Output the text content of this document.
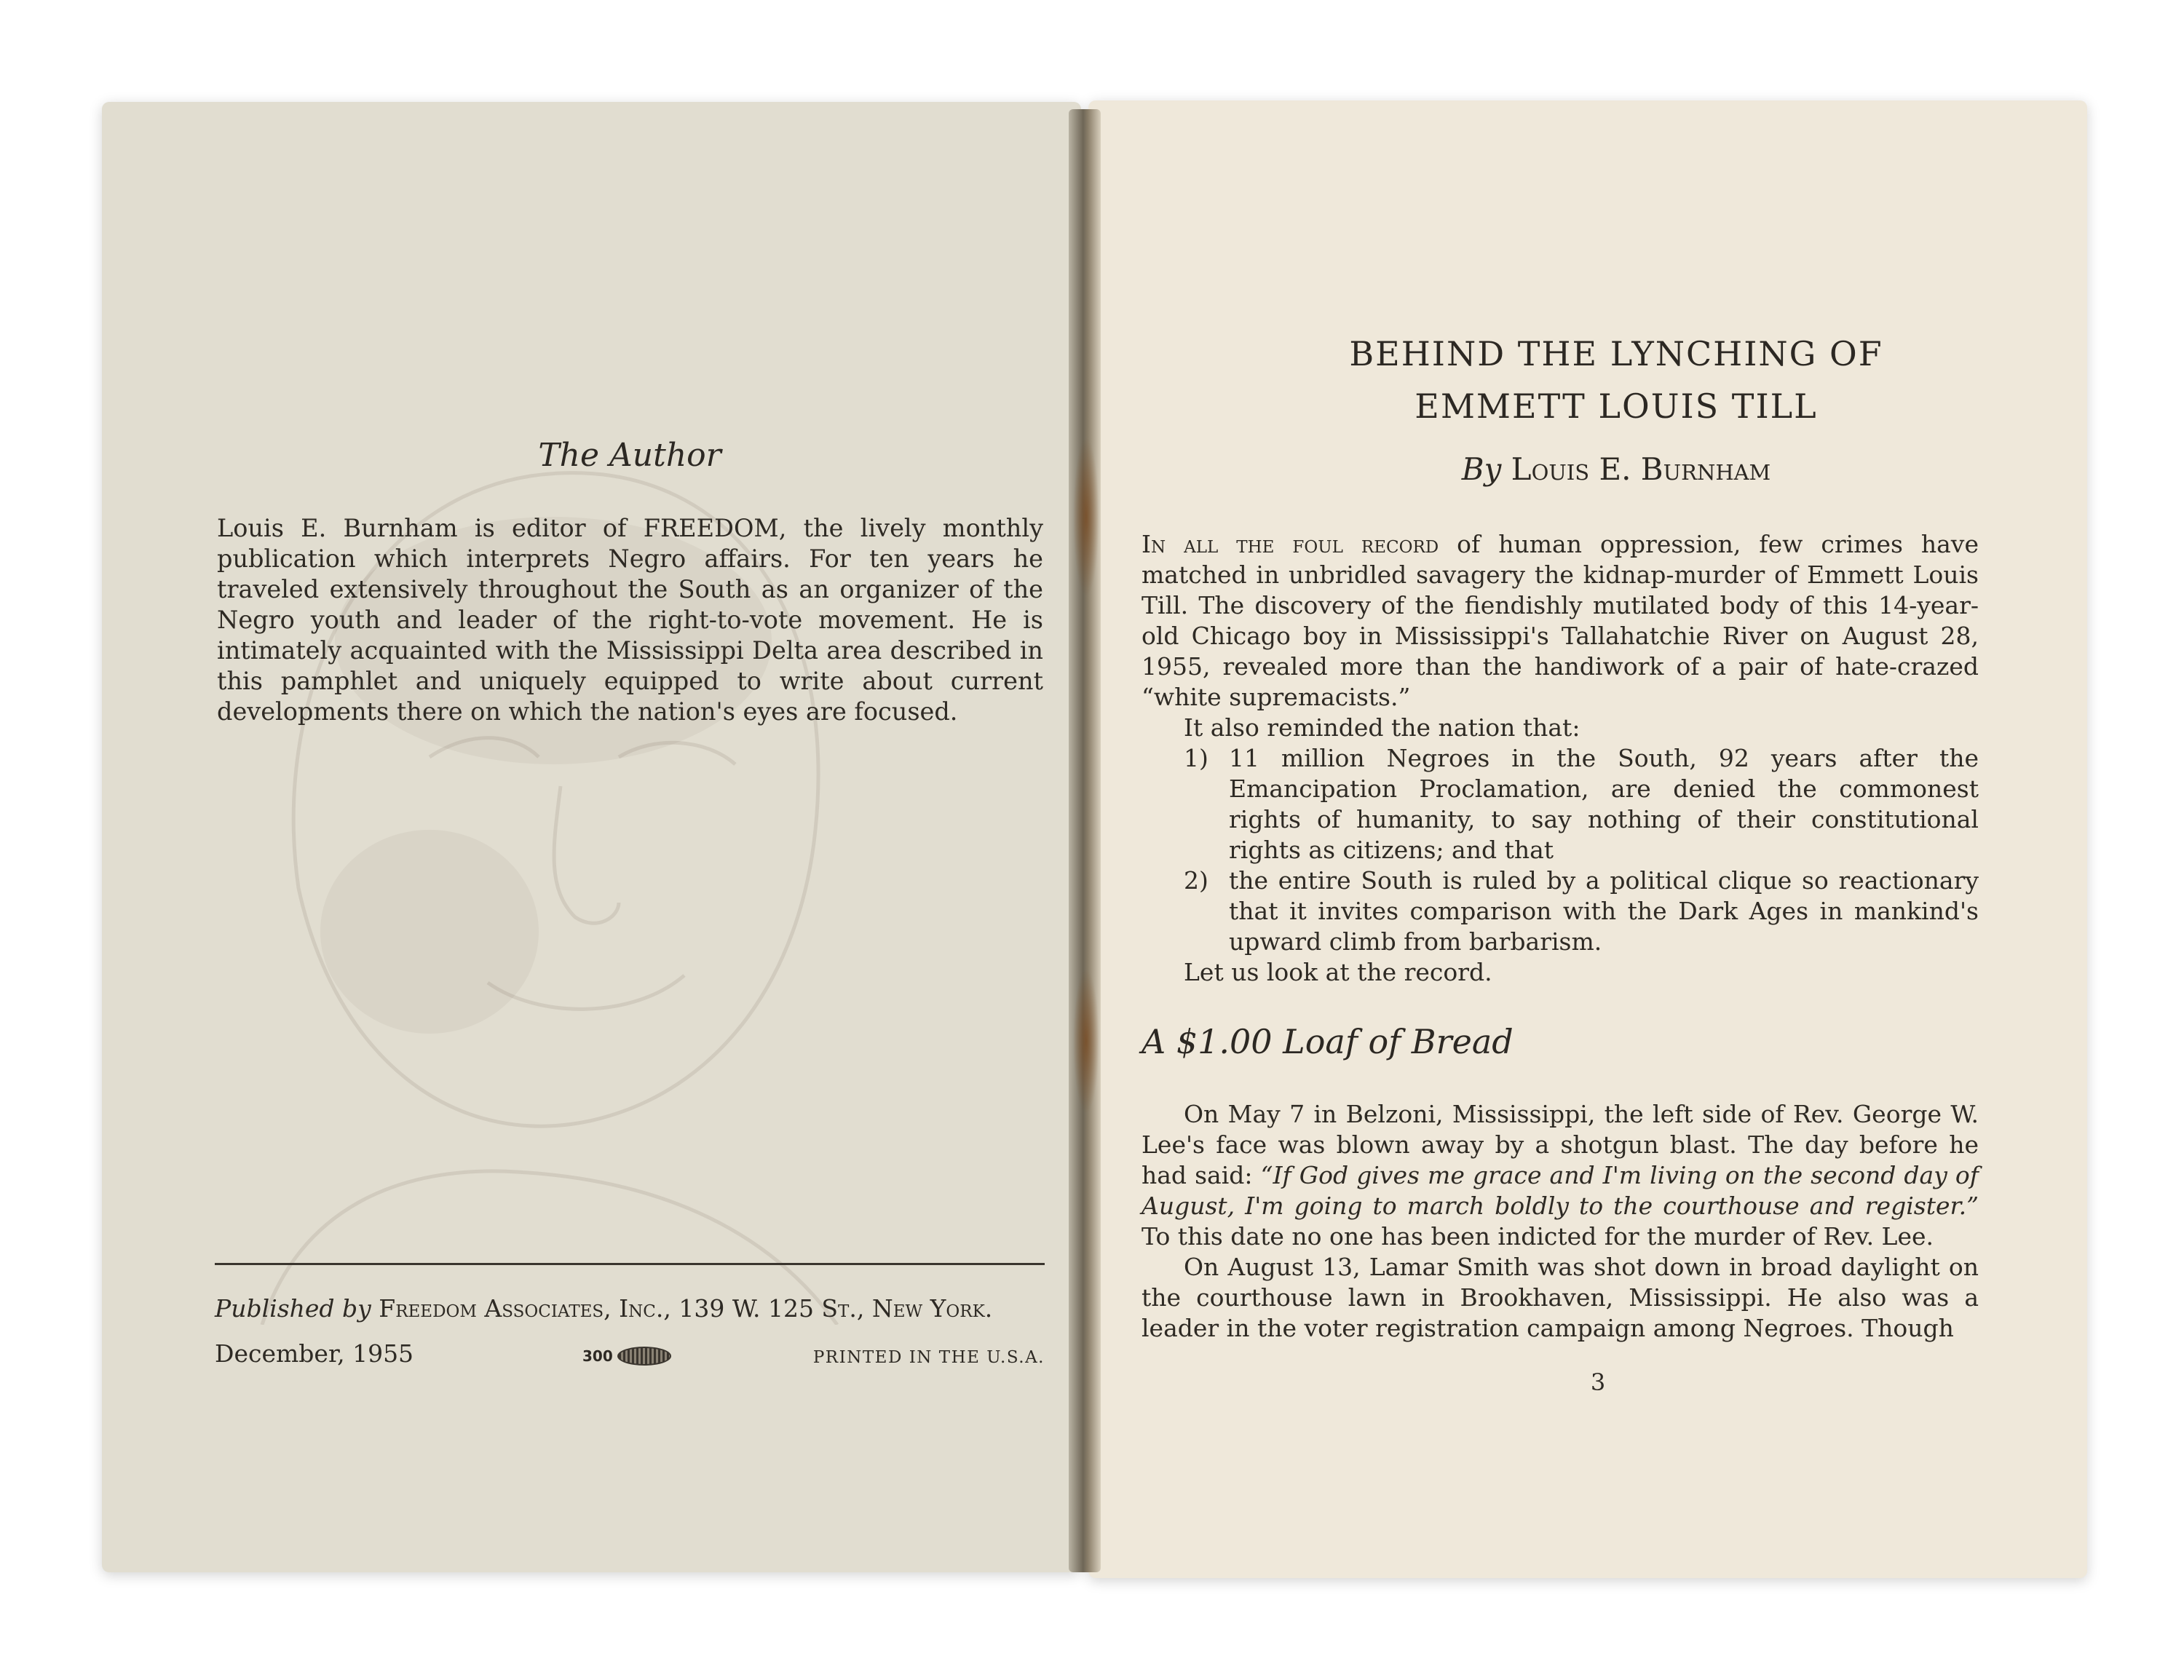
The Author
Louis E. Burnham is editor of FREEDOM, the lively monthly publication which interprets Negro affairs. For ten years he traveled extensively throughout the South as an organizer of the Negro youth and leader of the right-to-vote movement. He is intimately acquainted with the Mississippi Delta area described in this pamphlet and uniquely equipped to write about current developments there on which the nation's eyes are focused.
Published by Freedom Associates, Inc., 139 W. 125 St., New York.
December, 1955	300	PRINTED IN THE U.S.A.
BEHIND THE LYNCHING OF
EMMETT LOUIS TILL
By Louis E. Burnham

In all the foul record of human oppression, few crimes have matched in unbridled savagery the kidnap-murder of Emmett Louis Till. The discovery of the fiendishly mutilated body of this 14-year-old Chicago boy in Mississippi's Tallahatchie River on August 28, 1955, revealed more than the handiwork of a pair of hate-crazed “white supremacists.”

It also reminded the nation that:

1) 11 million Negroes in the South, 92 years after the Emancipation Proclamation, are denied the commonest rights of humanity, to say nothing of their constitutional rights as citizens; and that
2) the entire South is ruled by a political clique so reactionary that it invites comparison with the Dark Ages in mankind's upward climb from barbarism.

Let us look at the record.

A $1.00 Loaf of Bread

On May 7 in Belzoni, Mississippi, the left side of Rev. George W. Lee's face was blown away by a shotgun blast. The day before he had said: “If God gives me grace and I'm living on the second day of August, I'm going to march boldly to the courthouse and register.” To this date no one has been indicted for the murder of Rev. Lee.

On August 13, Lamar Smith was shot down in broad daylight on the courthouse lawn in Brookhaven, Mississippi. He also was a leader in the voter registration campaign among Negroes. Though

3
